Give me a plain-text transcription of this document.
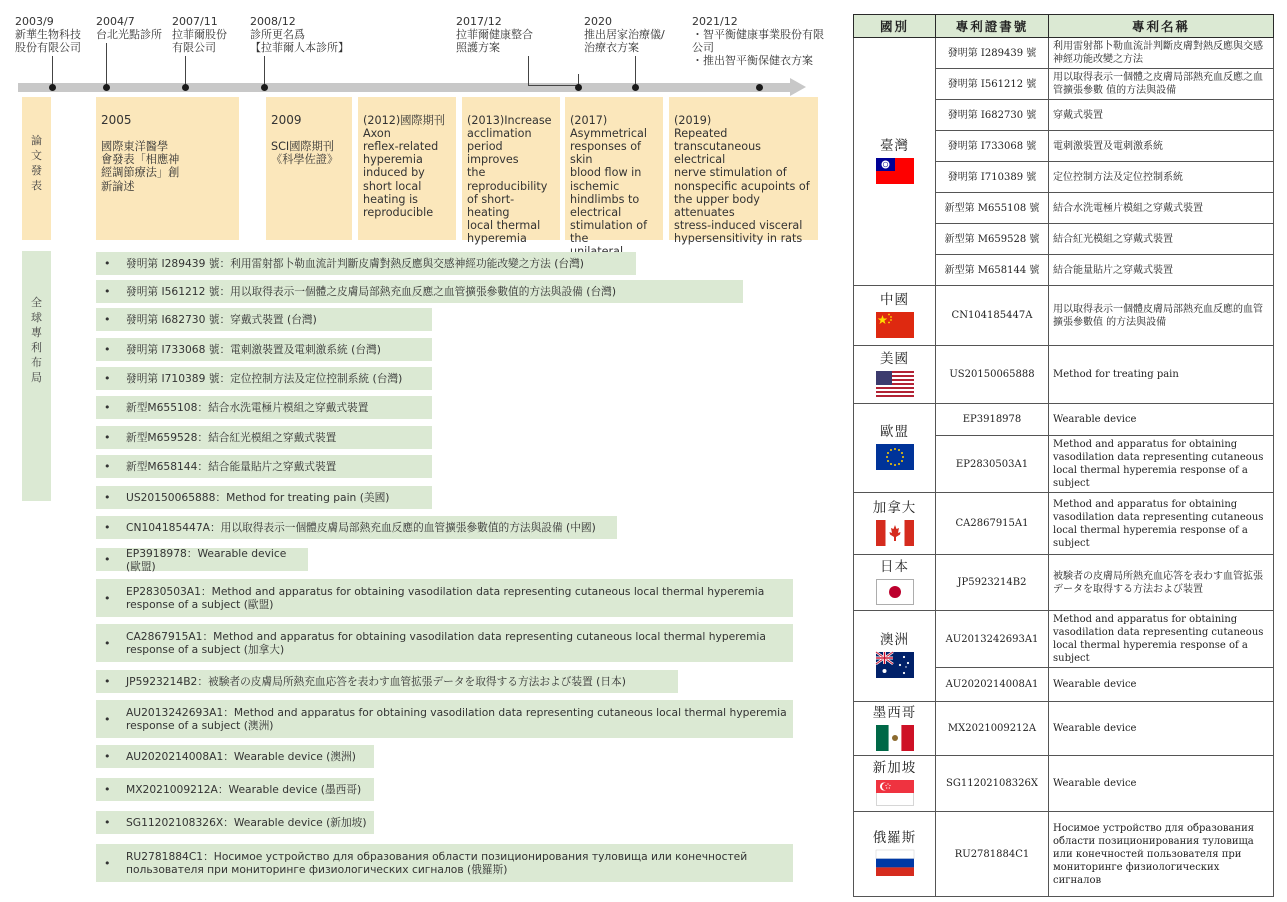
2003/9
新華生物科技
股份有限公司
2004/7
台北光點診所
2007/11
拉菲爾股份
有限公司
2008/12
診所更名爲
【拉菲爾人本診所】
2017/12
拉菲爾健康整合
照護方案
2020
推出居家治療儀/
治療衣方案
2021/12
・智平衡健康事業股份有限
公司
・推出智平衡保健衣方案
論
文
發
表

2005

國際東洋醫學
會發表「相應神
經調節療法」創
新論述

2009

SCI國際期刊
《科學佐證》

(2012)國際期刊
Axon
reflex-related
hyperemia
induced by
short local
heating is
reproducible

(2013)Increase
acclimation
period improves
the
reproducibility
of short-heating
local thermal
hyperemia

(2017)
Asymmetrical
responses of skin
blood flow in
ischemic
hindlimbs to
electrical
stimulation of the

(2019)
Repeated
transcutaneous electrical
nerve stimulation of
nonspecific acupoints of
the upper body
attenuates
stress-induced visceral
hypersensitivity in rats

全
球
專
利
布
局
• 發明第 I289439 號：利用雷射都卜勒血流計判斷皮膚對熱反應與交感神經功能改變之方法 (台灣)
• 發明第 I561212 號：用以取得表示一個體之皮膚局部熱充血反應之血管擴張參數值的方法與設備 (台灣)
• 發明第 I682730 號：穿戴式裝置 (台灣)
• 發明第 I733068 號：電刺激裝置及電刺激系統 (台灣)
• 發明第 I710389 號：定位控制方法及定位控制系統 (台灣)
• 新型M655108：結合水洗電極片模組之穿戴式裝置
• 新型M659528：結合紅光模組之穿戴式裝置
• 新型M658144：結合能量貼片之穿戴式裝置
• US20150065888：Method for treating pain (美國)
• CN104185447A：用以取得表示一個體皮膚局部熱充血反應的血管擴張參數值的方法與設備 (中國)
• EP3918978：Wearable device (歐盟)
• EP2830503A1：Method and apparatus for obtaining vasodilation data representing cutaneous local thermal hyperemia response of a subject (歐盟)
• CA2867915A1：Method and apparatus for obtaining vasodilation data representing cutaneous local thermal hyperemia response of a subject (加拿大)
• JP5923214B2：被験者の皮膚局所熱充血応答を表わす血管拡張データを取得する方法および装置 (日本)
• AU2013242693A1：Method and apparatus for obtaining vasodilation data representing cutaneous local thermal hyperemia response of a subject (澳洲)
• AU2020214008A1：Wearable device (澳洲)
• MX2021009212A：Wearable device (墨西哥)
• SG11202108326X：Wearable device (新加坡)
• RU2781884C1：Носимое устройство для образования области позиционирования туловища или конечностей пользователя при мониторинге физиологических сигналов (俄羅斯)
國別	專利證書號	專利名稱

臺灣	發明第 I289439 號	利用雷射都卜勒血流計判斷皮膚對熱反應與交感神經功能改變之方法
	發明第 I561212 號	用以取得表示一個體之皮膚局部熱充血反應之血管擴張參數 值的方法與設備
	發明第 I682730 號	穿戴式裝置
	發明第 I733068 號	電刺激裝置及電刺激系統
	發明第 I710389 號	定位控制方法及定位控制系統
	新型第 M655108 號	結合水洗電極片模組之穿戴式裝置
	新型第 M659528 號	結合紅光模組之穿戴式裝置
	新型第 M658144 號	結合能量貼片之穿戴式裝置

中國	CN104185447A	用以取得表示一個體皮膚局部熱充血反應的血管擴張參數值 的方法與設備

美國	US20150065888	Method for treating pain

歐盟	EP3918978	Wearable device
	EP2830503A1	Method and apparatus for obtaining vasodilation data representing cutaneous local thermal hyperemia response of a subject

加拿大	CA2867915A1	Method and apparatus for obtaining vasodilation data representing cutaneous local thermal hyperemia response of a subject

日本	JP5923214B2	被験者の皮膚局所熱充血応答を表わす血管拡張データを取得する方法および装置

澳洲	AU2013242693A1	Method and apparatus for obtaining vasodilation data representing cutaneous local thermal hyperemia response of a subject
	AU2020214008A1	Wearable device

墨西哥	MX2021009212A	Wearable device

新加坡	SG11202108326X	Wearable device

俄羅斯	RU2781884C1	Носимое устройство для образования области позиционирования туловища или конечностей пользователя при мониторинге физиологических сигналов
